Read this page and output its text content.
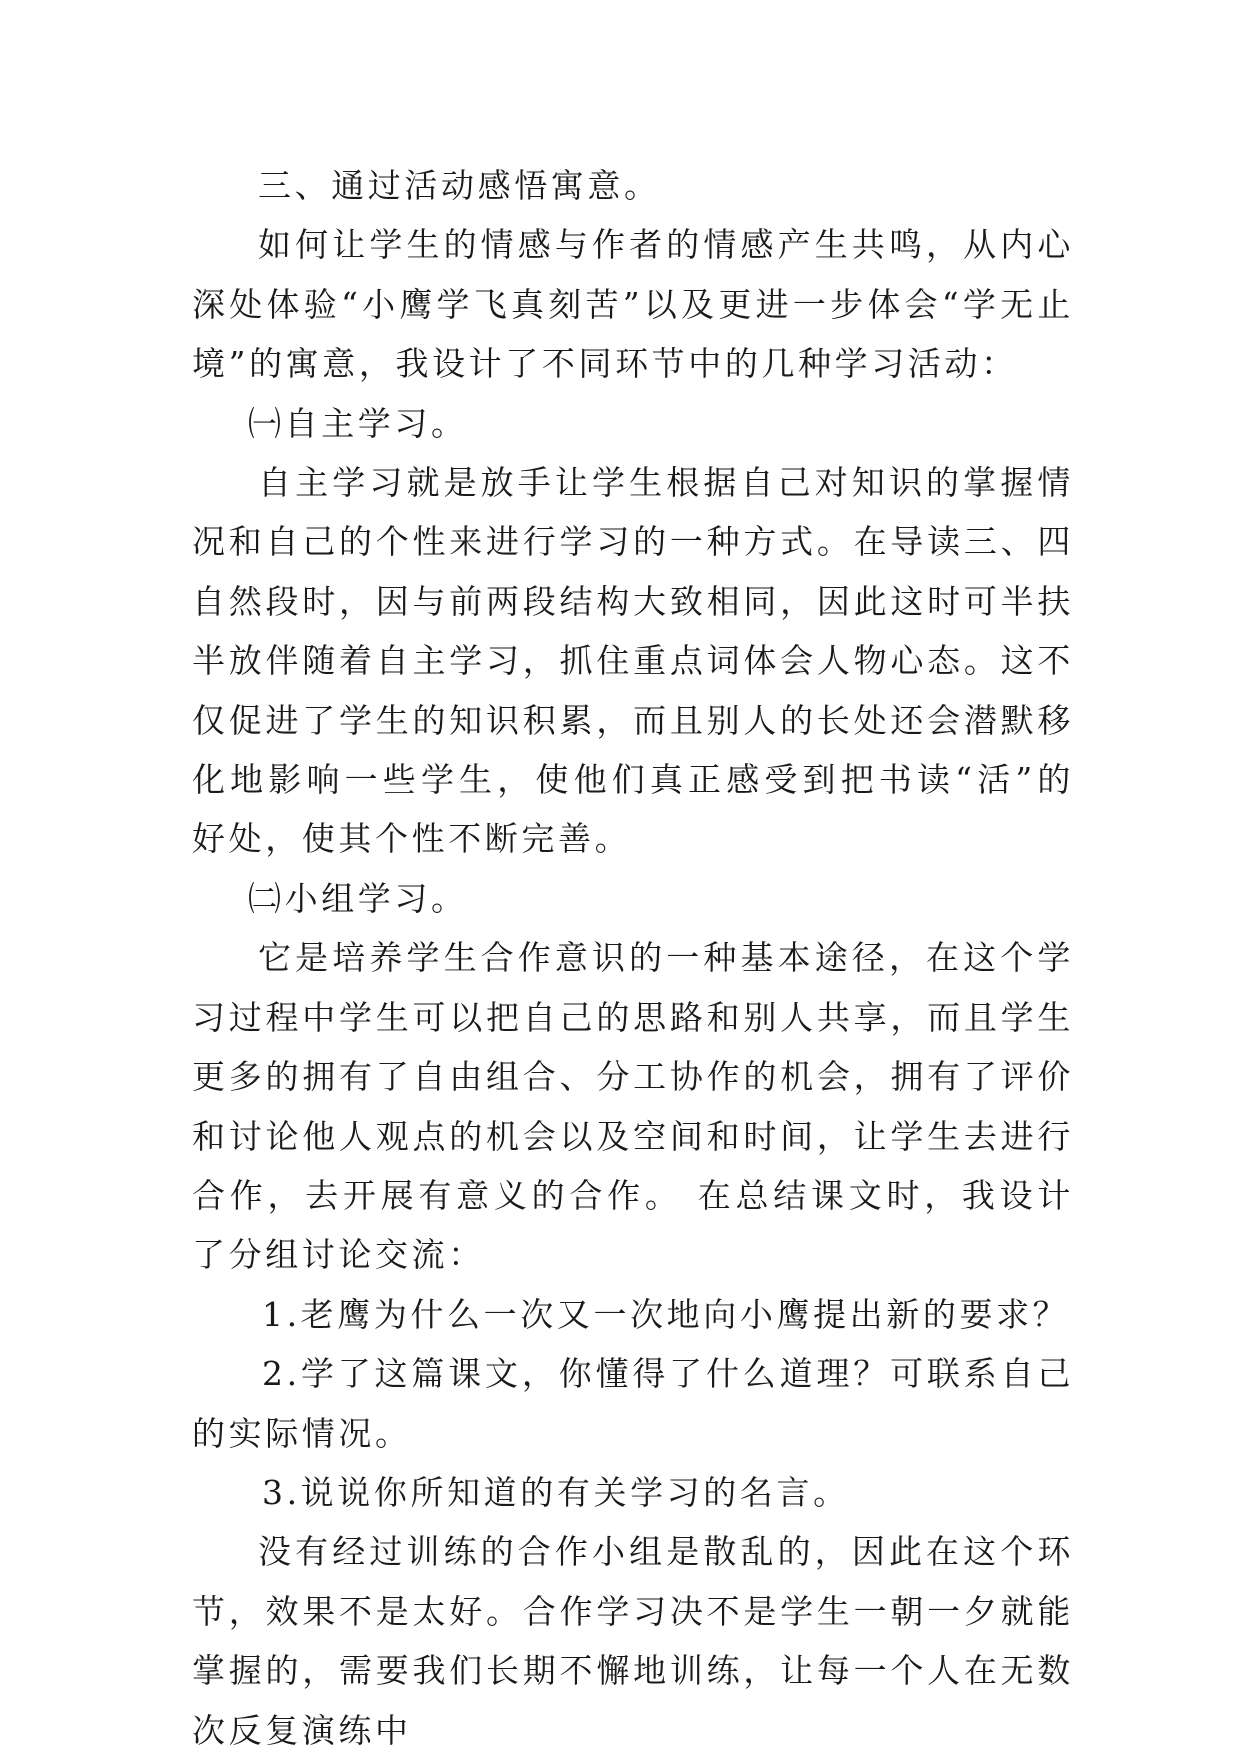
三、通过活动感悟寓意。

如何让学生的情感与作者的情感产生共鸣，从内心深处体验“小鹰学飞真刻苦”以及更进一步体会“学无止境”的寓意，我设计了不同环节中的几种学习活动：

㈠自主学习。

自主学习就是放手让学生根据自己对知识的掌握情况和自己的个性来进行学习的一种方式。在导读三、四自然段时，因与前两段结构大致相同，因此这时可半扶半放伴随着自主学习，抓住重点词体会人物心态。这不仅促进了学生的知识积累，而且别人的长处还会潜默移化地影响一些学生，使他们真正感受到把书读“活”的好处，使其个性不断完善。

㈡小组学习。

它是培养学生合作意识的一种基本途径，在这个学习过程中学生可以把自己的思路和别人共享，而且学生更多的拥有了自由组合、分工协作的机会，拥有了评价和讨论他人观点的机会以及空间和时间，让学生去进行合作，去开展有意义的合作。 在总结课文时，我设计了分组讨论交流：

1.老鹰为什么一次又一次地向小鹰提出新的要求？

2.学了这篇课文，你懂得了什么道理？可联系自己的实际情况。

3.说说你所知道的有关学习的名言。

没有经过训练的合作小组是散乱的，因此在这个环节，效果不是太好。合作学习决不是学生一朝一夕就能掌握的，需要我们长期不懈地训练，让每一个人在无数次反复演练中
